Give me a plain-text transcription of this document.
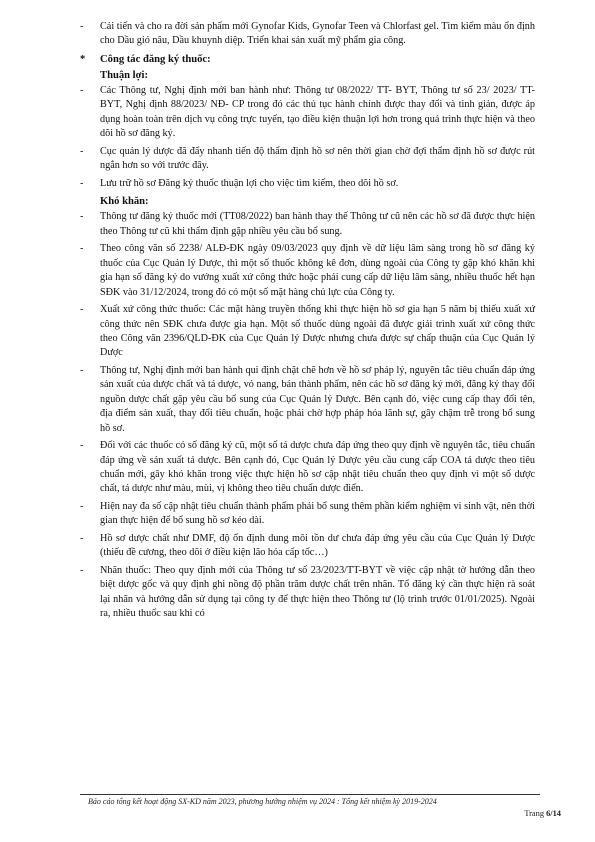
- Cải tiến và cho ra đời sản phẩm mới Gynofar Kids, Gynofar Teen và Chlorfast gel. Tìm kiếm màu ổn định cho Dầu gió nâu, Dầu khuynh diệp. Triển khai sản xuất mỹ phẩm gia công.
* Công tác đăng ký thuốc:
Thuận lợi:
- Các Thông tư, Nghị định mới ban hành như: Thông tư 08/2022/ TT- BYT, Thông tư số 23/ 2023/ TT- BYT, Nghị định 88/2023/ NĐ- CP trong đó các thủ tục hành chính được thay đổi và tinh giản, được áp dụng hoàn toàn trên dịch vụ công trực tuyến, tạo điều kiện thuận lợi hơn trong quá trình thực hiện và theo dõi hồ sơ đăng ký.
- Cục quản lý dược đã đẩy nhanh tiến độ thẩm định hồ sơ nên thời gian chờ đợi thẩm định hồ sơ được rút ngắn hơn so với trước đây.
- Lưu trữ hồ sơ Đăng ký thuốc thuận lợi cho việc tìm kiếm, theo dõi hồ sơ.
Khó khăn:
- Thông tư đăng ký thuốc mới (TT08/2022) ban hành thay thế Thông tư cũ nên các hồ sơ đã được thực hiện theo Thông tư cũ khi thẩm định gặp nhiều yêu cầu bổ sung.
- Theo công văn số 2238/ ALĐ-ĐK ngày 09/03/2023 quy định về dữ liệu lâm sàng trong hồ sơ đăng ký thuốc của Cục Quản lý Dược, thì một số thuốc không kê đơn, dùng ngoài của Công ty gặp khó khăn khi gia hạn số đăng ký do vướng xuất xứ công thức hoặc phải cung cấp dữ liệu lâm sàng, nhiều thuốc hết hạn SĐK vào 31/12/2024, trong đó có một số mặt hàng chủ lực của Công ty.
- Xuất xứ công thức thuốc: Các mặt hàng truyền thống khi thực hiện hồ sơ gia hạn 5 năm bị thiếu xuất xứ công thức nên SĐK chưa được gia hạn. Một số thuốc dùng ngoài đã được giải trình xuất xứ công thức theo Công văn 2396/QLD-ĐK của Cục Quản lý Dược nhưng chưa được sự chấp thuận của Cục Quản lý Dược
- Thông tư, Nghị định mới ban hành qui định chặt chẽ hơn về hồ sơ pháp lý, nguyên tắc tiêu chuẩn đáp ứng sản xuất của dược chất và tá dược, vỏ nang, bán thành phẩm, nên các hồ sơ đăng ký mới, đăng ký thay đổi nguồn dược chất gặp yêu cầu bổ sung của Cục Quản lý Dược. Bên cạnh đó, việc cung cấp thay đổi tên, địa điểm sản xuất, thay đổi tiêu chuẩn, hoặc phải chờ hợp pháp hóa lãnh sự, gây chậm trễ trong bổ sung hồ sơ.
- Đối với các thuốc có số đăng ký cũ, một số tá dược chưa đáp ứng theo quy định về nguyên tắc, tiêu chuẩn đáp ứng về sản xuất tá dược. Bên cạnh đó, Cục Quản lý Dược yêu cầu cung cấp COA tá dược theo tiêu chuẩn mới, gây khó khăn trong việc thực hiện hồ sơ cập nhật tiêu chuẩn theo quy định vì một số dược chất, tá dược như màu, mùi, vị không theo tiêu chuẩn dược điển.
- Hiện nay đa số cập nhật tiêu chuẩn thành phẩm phải bổ sung thêm phần kiểm nghiệm vi sinh vật, nên thời gian thực hiện để bổ sung hồ sơ kéo dài.
- Hồ sơ dược chất như DMF, độ ổn định dung môi tồn dư chưa đáp ứng yêu cầu của Cục Quản lý Dược (thiếu đề cương, theo dõi ở điều kiện lão hóa cấp tốc…)
- Nhãn thuốc: Theo quy định mới của Thông tư số 23/2023/TT-BYT về việc cập nhật tờ hướng dẫn theo biệt dược gốc và quy định ghi nồng độ phần trăm dược chất trên nhãn. Tổ đăng ký cần thực hiện rà soát lại nhãn và hướng dẫn sử dụng tại công ty để thực hiện theo Thông tư (lộ trình trước 01/01/2025). Ngoài ra, nhiều thuốc sau khi có
Báo cáo tổng kết hoạt động SX-KD năm 2023, phương hướng nhiệm vụ 2024 : Tổng kết nhiệm kỳ 2019-2024
Trang 6/14
